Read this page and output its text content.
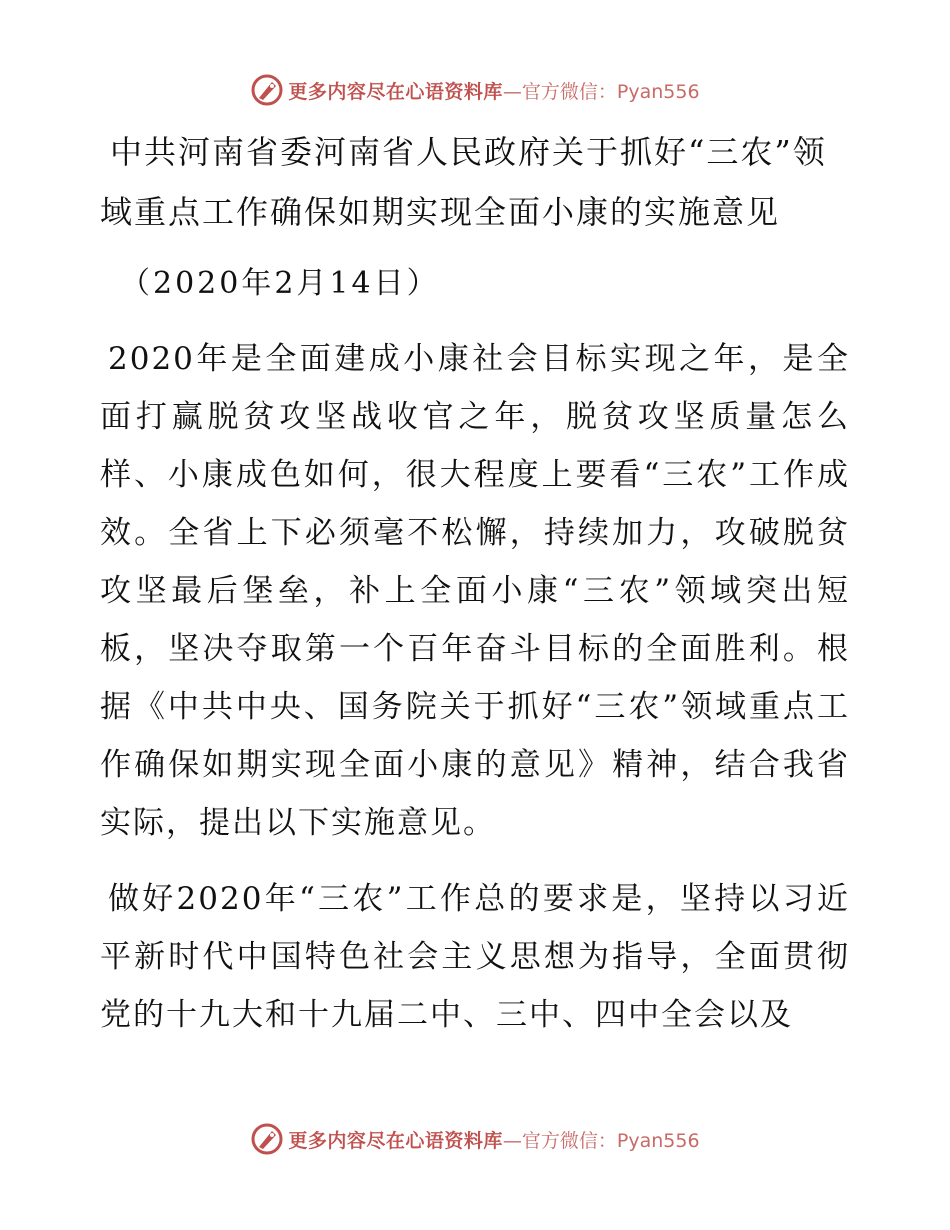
更多内容尽在心语资料库 —官方微信：Pyan556
中共河南省委河南省人民政府关于抓好“三农”领域重点工作确保如期实现全面小康的实施意见

（2020年2月14日）

2020年是全面建成小康社会目标实现之年，是全面打赢脱贫攻坚战收官之年，脱贫攻坚质量怎么样、小康成色如何，很大程度上要看“三农”工作成效。全省上下必须毫不松懈，持续加力，攻破脱贫攻坚最后堡垒，补上全面小康“三农”领域突出短板，坚决夺取第一个百年奋斗目标的全面胜利。根据《中共中央、国务院关于抓好“三农”领域重点工作确保如期实现全面小康的意见》精神，结合我省实际，提出以下实施意见。

做好2020年“三农”工作总的要求是，坚持以习近平新时代中国特色社会主义思想为指导，全面贯彻党的十九大和十九届二中、三中、四中全会以及

更多内容尽在心语资料库 —官方微信：Pyan556
